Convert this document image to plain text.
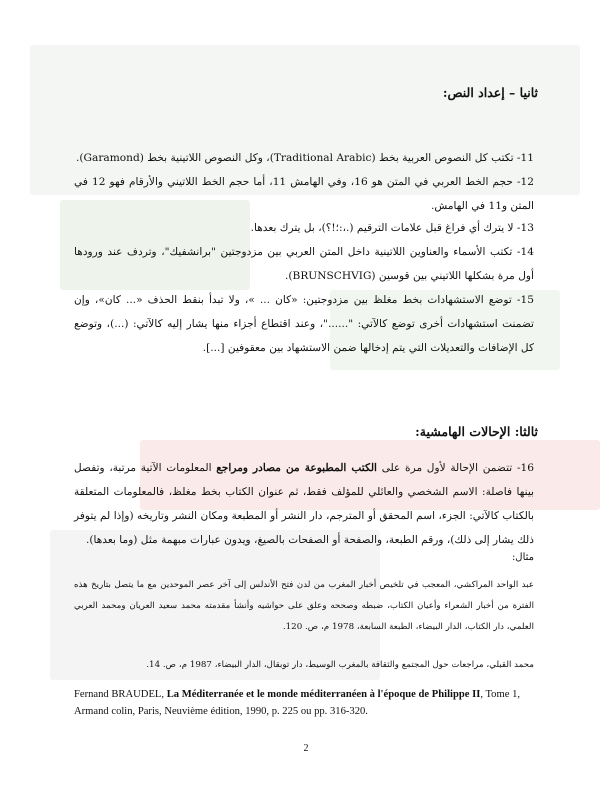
ثانيا – إعداد النص:

11- تكتب كل النصوص العربية بخط (Traditional Arabic)، وكل النصوص اللاتينية بخط (Garamond).

12- حجم الخط العربي في المتن هو 16، وفي الهامش 11، أما حجم الخط اللاتيني والأرقام فهو 12 في المتن و11 في الهامش.

13- لا يترك أي فراغ قبل علامات الترقيم (.،:؛!؟)، بل يترك بعدها.

14- تكتب الأسماء والعناوين اللاتينية داخل المتن العربي بين مزدوجتين "برانشفيك"، وتردف عند ورودها أول مرة بشكلها اللاتيني بين قوسين (BRUNSCHVIG).

15- توضع الاستشهادات بخط مغلظ بين مزدوجتين: «كان ... »، ولا تبدأ بنقط الحذف «... كان»، وإن تضمنت استشهادات أخرى توضع كالآتي: "......"، وعند اقتطاع أجزاء منها يشار إليه كالآتي: (...)، وتوضع كل الإضافات والتعديلات التي يتم إدخالها ضمن الاستشهاد بين معقوفين [...].

ثالثا: الإحالات الهامشية:

16- تتضمن الإحالة لأول مرة على الكتب المطبوعة من مصادر ومراجع المعلومات الآتية مرتبة، وتفصل بينها فاصلة: الاسم الشخصي والعائلي للمؤلف فقط، ثم عنوان الكتاب بخط مغلظ، فالمعلومات المتعلقة بالكتاب كالآتي: الجزء، اسم المحقق أو المترجم، دار النشر أو المطبعة ومكان النشر وتاريخه (وإذا لم يتوفر ذلك يشار إلى ذلك)، ورقم الطبعة، والصفحة أو الصفحات بالصيغ، ويدون عبارات مبهمة مثل (وما بعدها).

مثال:

عبد الواحد المراكشي، المعجب في تلخيص أخبار المغرب من لدن فتح الأندلس إلى آخر عصر الموحدين مع ما يتصل بتاريخ هذه الفترة من أخبار الشعراء وأعيان الكتاب، ضبطه وصححه وعلق على حواشيه وأنشأ مقدمته محمد سعيد العريان ومحمد العربي العلمي، دار الكتاب، الدار البيضاء، الطبعة السابعة، 1978 م، ص. 120.

محمد القبلي، مراجعات حول المجتمع والثقافة بالمغرب الوسيط، دار توبقال، الدار البيضاء، 1987 م، ص. 14.

Fernand BRAUDEL, La Méditerranée et le monde méditerranéen à l'époque de Philippe II, Tome 1, Armand colin, Paris, Neuvième édition, 1990, p. 225 ou pp. 316-320.

2
